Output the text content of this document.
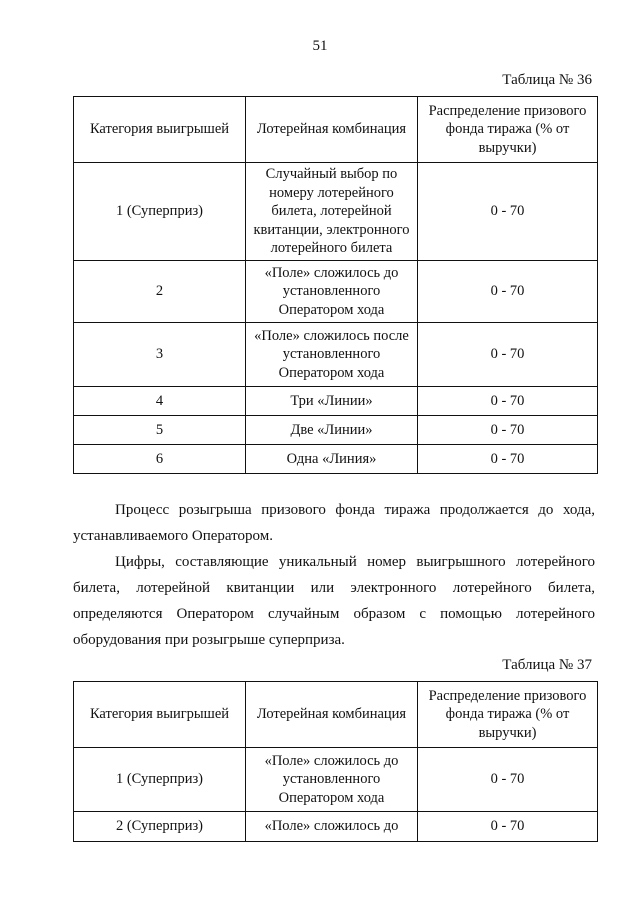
51
Таблица № 36
Категория выигрышей	Лотерейная комбинация	Распределение призового фонда тиража (% от выручки)
1 (Суперприз)	Случайный выбор по номеру лотерейного билета, лотерейной квитанции, электронного лотерейного билета	0 - 70
2	«Поле» сложилось до установленного Оператором хода	0 - 70
3	«Поле» сложилось после установленного Оператором хода	0 - 70
4	Три «Линии»	0 - 70
5	Две «Линии»	0 - 70
6	Одна «Линия»	0 - 70

Процесс розыгрыша призового фонда тиража продолжается до хода, устанавливаемого Оператором.

Цифры, составляющие уникальный номер выигрышного лотерейного билета, лотерейной квитанции или электронного лотерейного билета, определяются Оператором случайным образом с помощью лотерейного оборудования при розыгрыше суперприза.

Таблица № 37
Категория выигрышей	Лотерейная комбинация	Распределение призового фонда тиража (% от выручки)
1 (Суперприз)	«Поле» сложилось до установленного Оператором хода	0 - 70
2 (Суперприз)	«Поле» сложилось до	0 - 70
